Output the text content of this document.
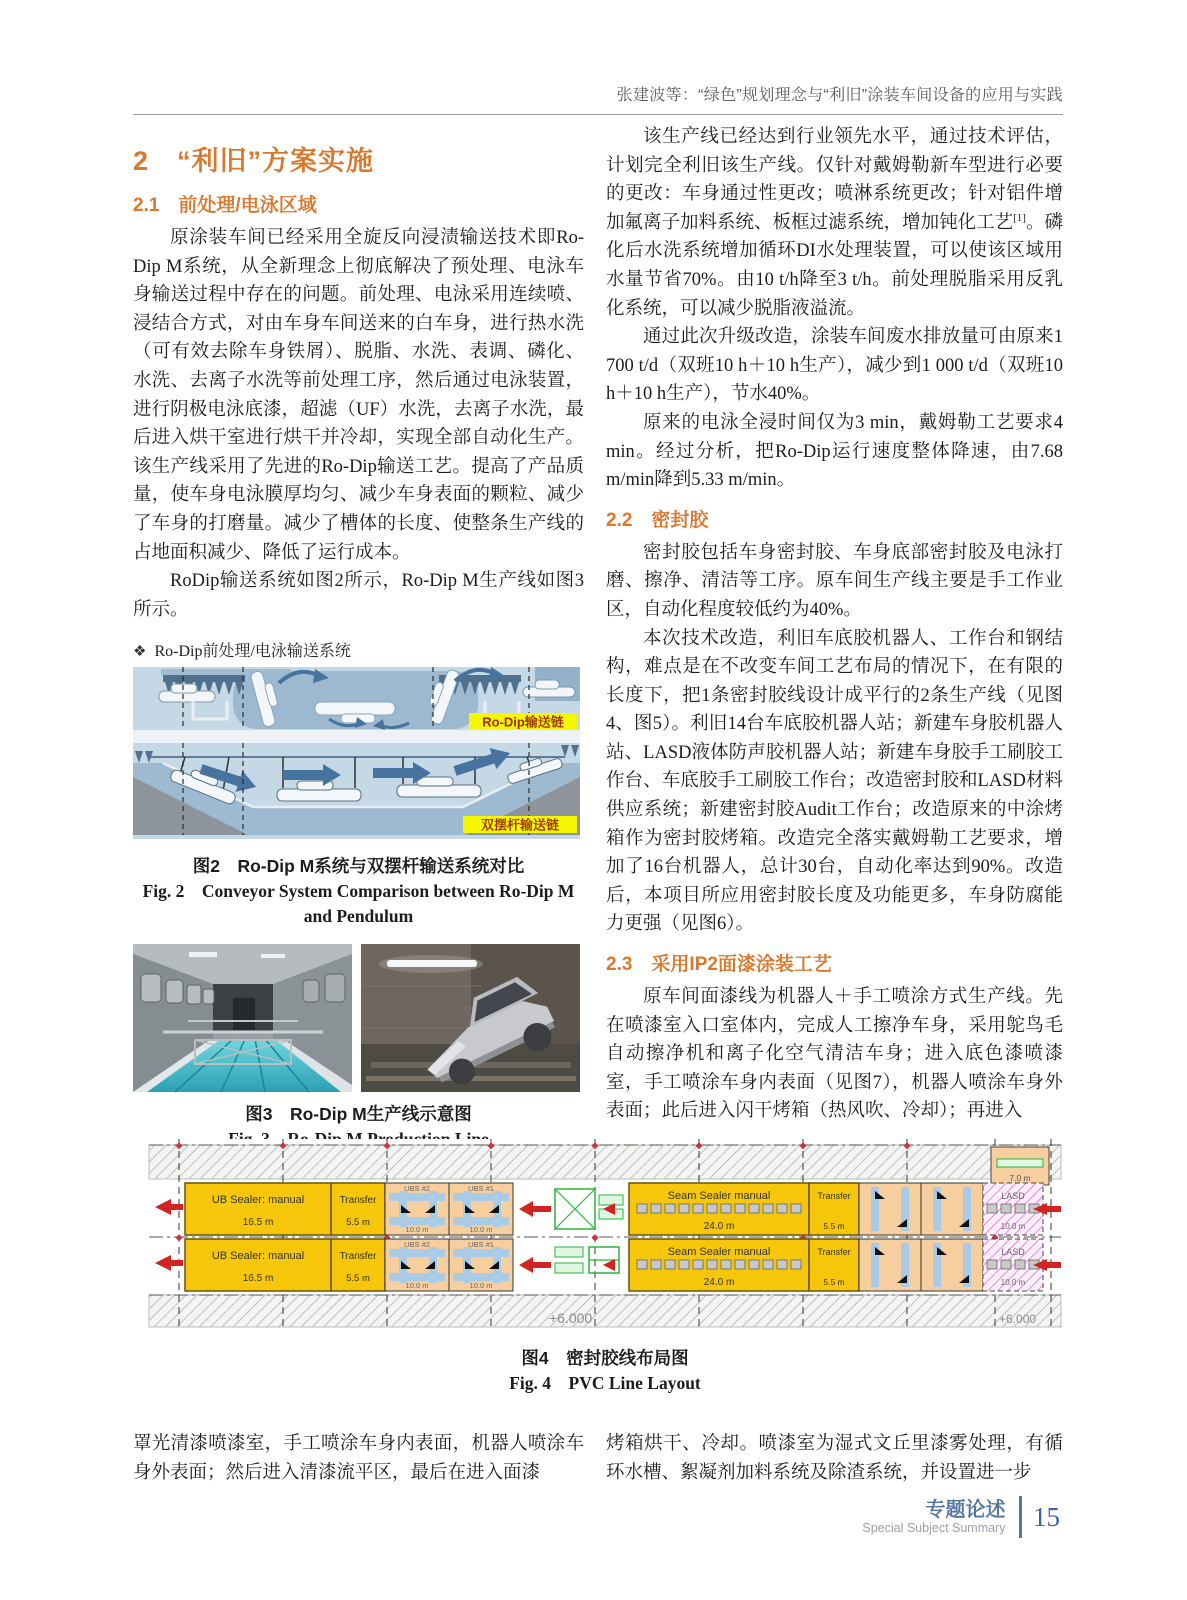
张建波等：“绿色”规划理念与“利旧”涂装车间设备的应用与实践
2　“利旧”方案实施
2.1　前处理/电泳区域

原涂装车间已经采用全旋反向浸渍输送技术即Ro-Dip M系统，从全新理念上彻底解决了预处理、电泳车身输送过程中存在的问题。前处理、电泳采用连续喷、浸结合方式，对由车身车间送来的白车身，进行热水洗（可有效去除车身铁屑）、脱脂、水洗、表调、磷化、水洗、去离子水洗等前处理工序，然后通过电泳装置，进行阴极电泳底漆，超滤（UF）水洗，去离子水洗，最后进入烘干室进行烘干并冷却，实现全部自动化生产。该生产线采用了先进的Ro-Dip输送工艺。提高了产品质量，使车身电泳膜厚均匀、减少车身表面的颗粒、减少了车身的打磨量。减少了槽体的长度、使整条生产线的占地面积减少、降低了运行成本。

RoDip输送系统如图2所示，Ro-Dip M生产线如图3所示。

❖ Ro-Dip前处理/电泳输送系统
Ro-Dip输送链
双摆杆输送链
图2　Ro-Dip M系统与双摆杆输送系统对比
Fig. 2　Conveyor System Comparison between Ro-Dip M and Pendulum
图3　Ro-Dip M生产线示意图

该生产线已经达到行业领先水平，通过技术评估，计划完全利旧该生产线。仅针对戴姆勒新车型进行必要的更改：车身通过性更改；喷淋系统更改；针对铝件增加氟离子加料系统、板框过滤系统，增加钝化工艺[1]。磷化后水洗系统增加循环DI水处理装置，可以使该区域用水量节省70%。由10 t/h降至3 t/h。前处理脱脂采用反乳化系统，可以减少脱脂液溢流。

通过此次升级改造，涂装车间废水排放量可由原来1 700 t/d（双班10 h＋10 h生产），减少到1 000 t/d（双班10 h＋10 h生产），节水40%。

原来的电泳全浸时间仅为3 min，戴姆勒工艺要求4 min。经过分析，把Ro-Dip运行速度整体降速，由7.68 m/min降到5.33 m/min。

2.2　密封胶

密封胶包括车身密封胶、车身底部密封胶及电泳打磨、擦净、清洁等工序。原车间生产线主要是手工作业区，自动化程度较低约为40%。

本次技术改造，利旧车底胶机器人、工作台和钢结构，难点是在不改变车间工艺布局的情况下，在有限的长度下，把1条密封胶线设计成平行的2条生产线（见图4、图5）。利旧14台车底胶机器人站；新建车身胶机器人站、LASD液体防声胶机器人站；新建车身胶手工刷胶工作台、车底胶手工刷胶工作台；改造密封胶和LASD材料供应系统；新建密封胶Audit工作台；改造原来的中涂烤箱作为密封胶烤箱。改造完全落实戴姆勒工艺要求，增加了16台机器人，总计30台，自动化率达到90%。改造后，本项目所应用密封胶长度及功能更多，车身防腐能力更强（见图6）。

2.3　采用IP2面漆涂装工艺

原车间面漆线为机器人＋手工喷涂方式生产线。先在喷漆室入口室体内，完成人工擦净车身，采用鸵鸟毛自动擦净机和离子化空气清洁车身；进入底色漆喷漆室，手工喷涂车身内表面（见图7），机器人喷涂车身外表面；此后进入闪干烤箱（热风吹、冷却）；再进入

7.0 m
UB Sealer: manual
16.5 m
Transfer
5.5 m
UBS #2
10.0 m
UBS #1
10.0 m
Seam Sealer manual
24.0 m
Transfer
5.5 m
LASD
10.0 m
UB Sealer: manual
16.5 m
Transfer
5.5 m
UBS #2
10.0 m
UBS #1
10.0 m
Seam Sealer manual
24.0 m
Transfer
5.5 m
LASD
10.0 m
+6.000	+6.000
图4　密封胶线布局图
Fig. 4　PVC Line Layout

罩光清漆喷漆室，手工喷涂车身内表面，机器人喷涂车身外表面；然后进入清漆流平区，最后在进入面漆

烤箱烘干、冷却。喷漆室为湿式文丘里漆雾处理，有循环水槽、絮凝剂加料系统及除渣系统，并设置进一步

专题论述
Special Subject Summary 15
